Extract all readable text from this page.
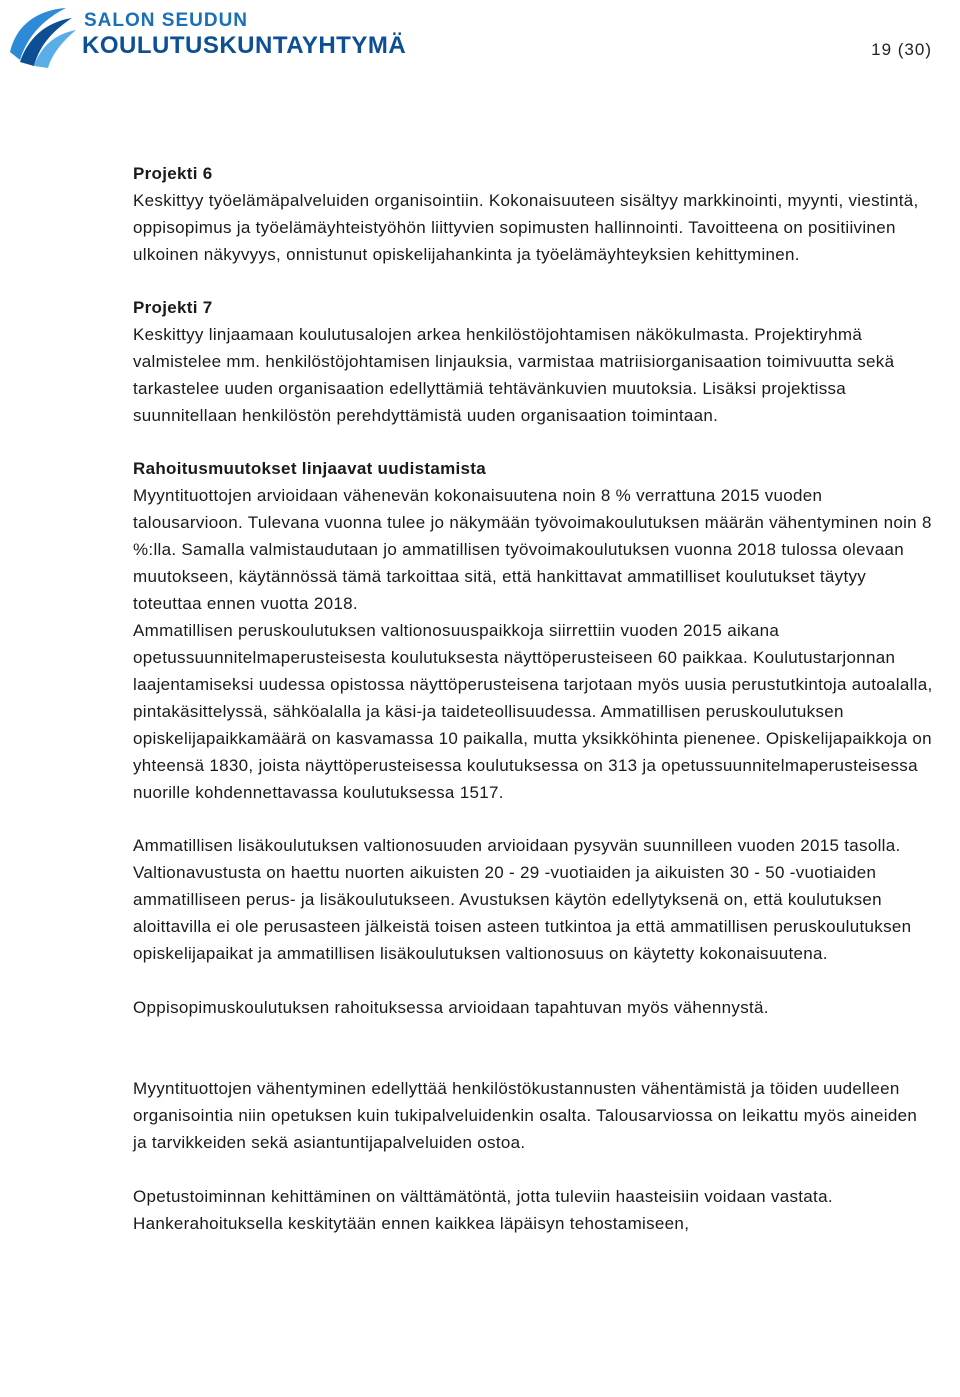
SALON SEUDUN

KOULUTUSKUNTAYHTYMÄ	19 (30)

Projekti 6

Keskittyy työelämäpalveluiden organisointiin. Kokonaisuuteen sisältyy markkinointi, myynti, viestintä, oppisopimus ja työelämäyhteistyöhön liittyvien sopimusten hallinnointi. Tavoitteena on positiivinen ulkoinen näkyvyys, onnistunut opiskelijahankinta ja työelämäyhteyksien kehittyminen.

Projekti 7

Keskittyy linjaamaan koulutusalojen arkea henkilöstöjohtamisen näkökulmasta. Projektiryhmä valmistelee mm. henkilöstöjohtamisen linjauksia, varmistaa matriisiorganisaation toimivuutta sekä tarkastelee uuden organisaation edellyttämiä tehtävänkuvien muutoksia. Lisäksi projektissa suunnitellaan henkilöstön perehdyttämistä uuden organisaation toimintaan.

Rahoitusmuutokset linjaavat uudistamista

Myyntituottojen arvioidaan vähenevän kokonaisuutena noin 8 % verrattuna 2015 vuoden talousarvioon. Tulevana vuonna tulee jo näkymään työvoimakoulutuksen määrän vähentyminen noin 8 %:lla. Samalla valmistaudutaan jo ammatillisen työvoimakoulutuksen vuonna 2018 tulossa olevaan muutokseen, käytännössä tämä tarkoittaa sitä, että hankittavat ammatilliset koulutukset täytyy toteuttaa ennen vuotta 2018.

Ammatillisen peruskoulutuksen valtionosuuspaikkoja siirrettiin vuoden 2015 aikana opetussuunnitelmaperusteisesta koulutuksesta näyttöperusteiseen 60 paikkaa. Koulutustarjonnan laajentamiseksi uudessa opistossa näyttöperusteisena tarjotaan myös uusia perustutkintoja autoalalla, pintakäsittelyssä, sähköalalla ja käsi-ja taideteollisuudessa. Ammatillisen peruskoulutuksen opiskelijapaikkamäärä on kasvamassa 10 paikalla, mutta yksikköhinta pienenee. Opiskelijapaikkoja on yhteensä 1830, joista näyttöperusteisessa koulutuksessa on 313 ja opetussuunnitelmaperusteisessa nuorille kohdennettavassa koulutuksessa 1517.

Ammatillisen lisäkoulutuksen valtionosuuden arvioidaan pysyvän suunnilleen vuoden 2015 tasolla. Valtionavustusta on haettu nuorten aikuisten 20 - 29 -vuotiaiden ja aikuisten 30 - 50 -vuotiaiden ammatilliseen perus- ja lisäkoulutukseen. Avustuksen käytön edellytyksenä on, että koulutuksen aloittavilla ei ole perusasteen jälkeistä toisen asteen tutkintoa ja että ammatillisen peruskoulutuksen opiskelijapaikat ja ammatillisen lisäkoulutuksen valtionosuus on käytetty kokonaisuutena.

Oppisopimuskoulutuksen rahoituksessa arvioidaan tapahtuvan myös vähennystä.

Myyntituottojen vähentyminen edellyttää henkilöstökustannusten vähentämistä ja töiden uudelleen organisointia niin opetuksen kuin tukipalveluidenkin osalta. Talousarviossa on leikattu myös aineiden ja tarvikkeiden sekä asiantuntijapalveluiden ostoa.

Opetustoiminnan kehittäminen on välttämätöntä, jotta tuleviin haasteisiin voidaan vastata. Hankerahoituksella keskitytään ennen kaikkea läpäisyn tehostamiseen,
